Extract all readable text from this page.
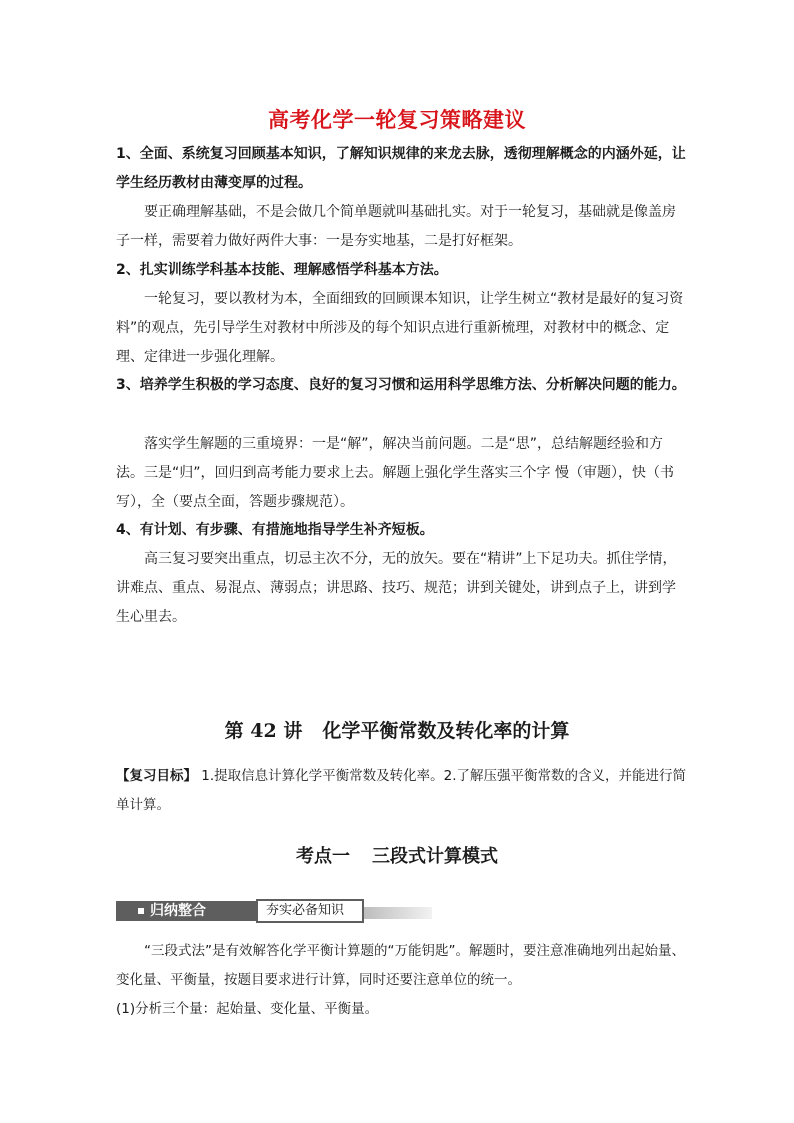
高考化学一轮复习策略建议

1、全面、系统复习回顾基本知识，了解知识规律的来龙去脉，透彻理解概念的内涵外延，让学生经历教材由薄变厚的过程。

要正确理解基础，不是会做几个简单题就叫基础扎实。对于一轮复习，基础就是像盖房子一样，需要着力做好两件大事：一是夯实地基，二是打好框架。

2、扎实训练学科基本技能、理解感悟学科基本方法。

一轮复习，要以教材为本，全面细致的回顾课本知识，让学生树立“教材是最好的复习资料”的观点，先引导学生对教材中所涉及的每个知识点进行重新梳理，对教材中的概念、定理、定律进一步强化理解。

3、培养学生积极的学习态度、良好的复习习惯和运用科学思维方法、分析解决问题的能力。

落实学生解题的三重境界：一是“解”，解决当前问题。二是“思”，总结解题经验和方法。三是“归”，回归到高考能力要求上去。解题上强化学生落实三个字 慢（审题），快（书写），全（要点全面，答题步骤规范）。

4、有计划、有步骤、有措施地指导学生补齐短板。

高三复习要突出重点，切忌主次不分，无的放矢。要在“精讲”上下足功夫。抓住学情，讲难点、重点、易混点、薄弱点；讲思路、技巧、规范；讲到关键处，讲到点子上，讲到学生心里去。

第 42 讲 化学平衡常数及转化率的计算

【复习目标】 1.提取信息计算化学平衡常数及转化率。2.了解压强平衡常数的含义，并能进行简单计算。

考点一 三段式计算模式
归纳整合	夯实必备知识

“三段式法”是有效解答化学平衡计算题的“万能钥匙”。解题时，要注意准确地列出起始量、变化量、平衡量，按题目要求进行计算，同时还要注意单位的统一。

(1)分析三个量：起始量、变化量、平衡量。
